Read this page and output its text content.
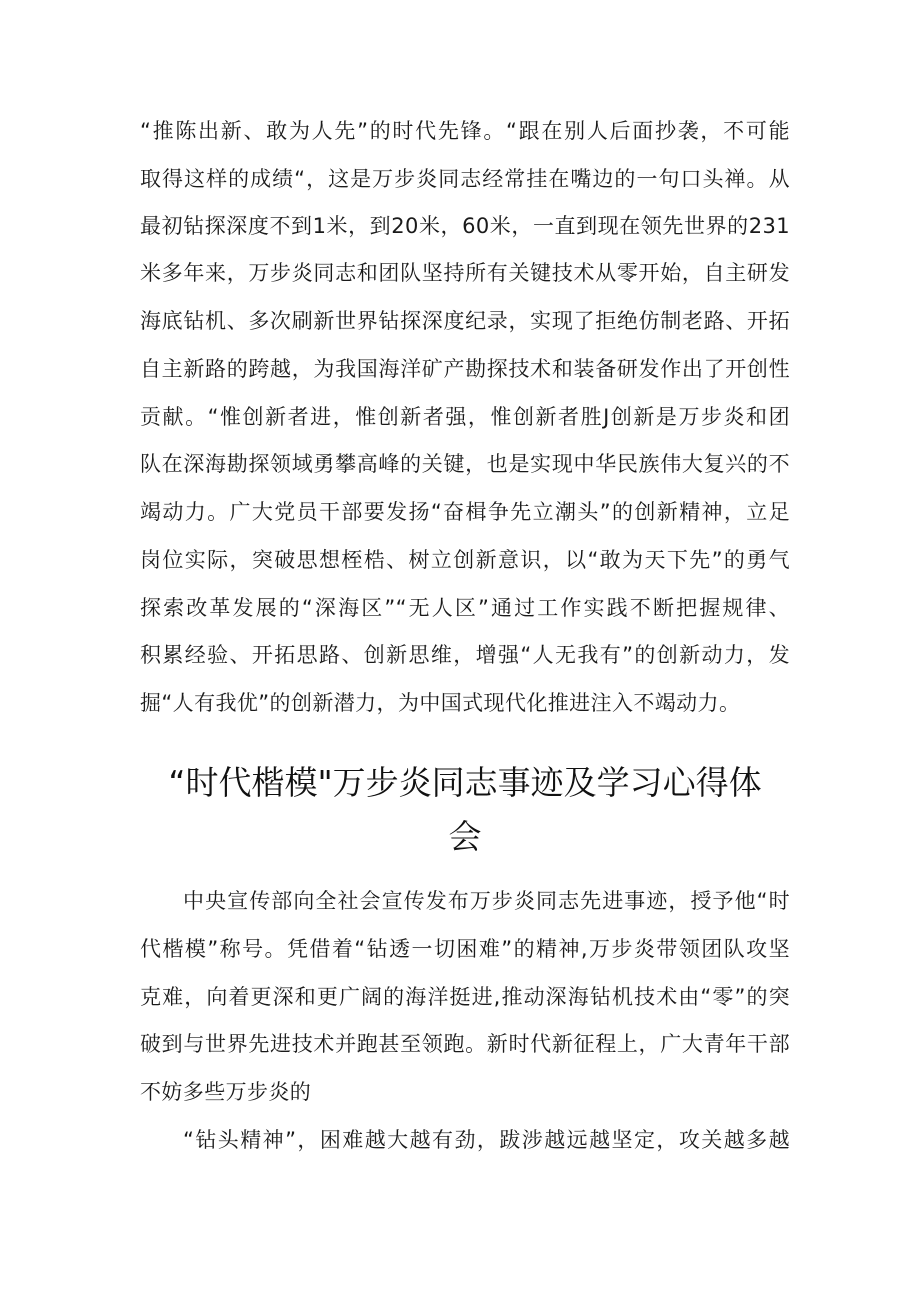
“推陈出新、敢为人先”的时代先锋。“跟在别人后面抄袭，不可能
取得这样的成绩“，这是万步炎同志经常挂在嘴边的一句口头禅。从
最初钻探深度不到1米，到20米，60米，一直到现在领先世界的231
米多年来，万步炎同志和团队坚持所有关键技术从零开始，自主研发
海底钻机、多次刷新世界钻探深度纪录，实现了拒绝仿制老路、开拓
自主新路的跨越，为我国海洋矿产勘探技术和装备研发作出了开创性
贡献。“惟创新者进，惟创新者强，惟创新者胜J创新是万步炎和团
队在深海勘探领域勇攀高峰的关键，也是实现中华民族伟大复兴的不
竭动力。广大党员干部要发扬“奋楫争先立潮头”的创新精神，立足
岗位实际，突破思想桎梏、树立创新意识，以“敢为天下先”的勇气
探索改革发展的“深海区”“无人区”通过工作实践不断把握规律、
积累经验、开拓思路、创新思维，增强“人无我有”的创新动力，发
掘“人有我优”的创新潜力，为中国式现代化推进注入不竭动力。
“时代楷模"万步炎同志事迹及学习心得体
会
中央宣传部向全社会宣传发布万步炎同志先进事迹，授予他“时
代楷模”称号。凭借着“钻透一切困难”的精神,万步炎带领团队攻坚
克难，向着更深和更广阔的海洋挺进,推动深海钻机技术由“零”的突
破到与世界先进技术并跑甚至领跑。新时代新征程上，广大青年干部
不妨多些万步炎的
“钻头精神”，困难越大越有劲，跋涉越远越坚定，攻关越多越
